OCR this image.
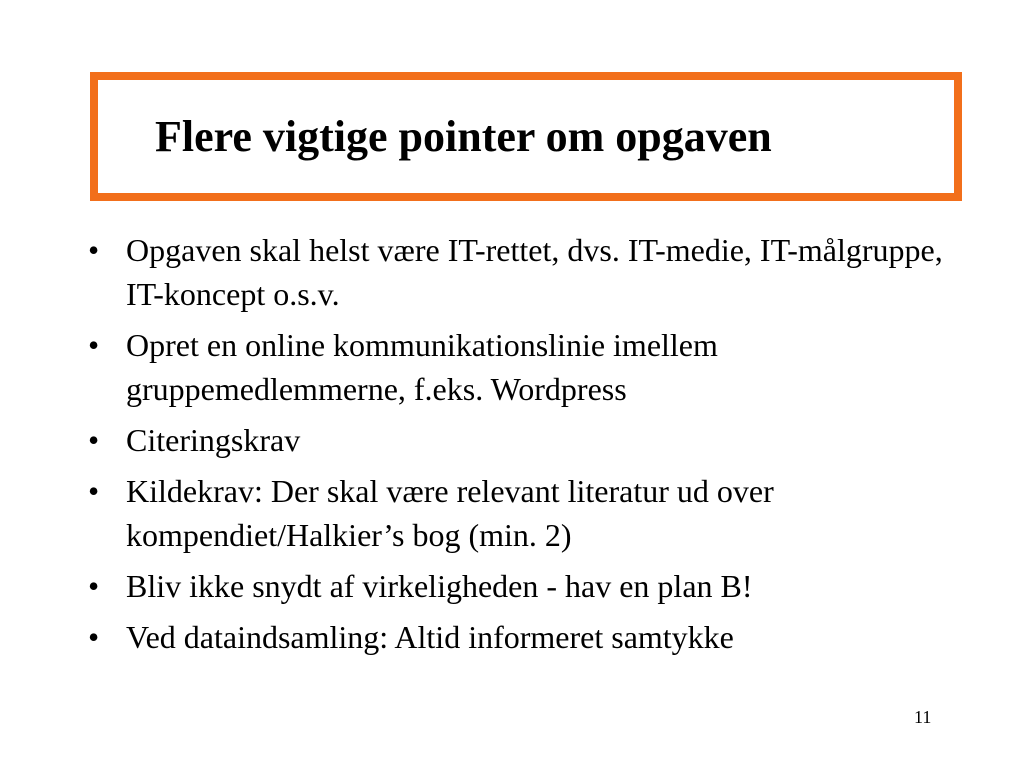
Flere vigtige pointer om opgaven
• Opgaven skal helst være IT-rettet, dvs. IT-medie, IT-målgruppe, IT-koncept o.s.v.
• Opret en online kommunikationslinie imellem gruppemedlemmerne, f.eks. Wordpress
• Citeringskrav
• Kildekrav: Der skal være relevant literatur ud over kompendiet/Halkier’s bog (min. 2)
• Bliv ikke snydt af virkeligheden - hav en plan B!
• Ved dataindsamling: Altid informeret samtykke
11
